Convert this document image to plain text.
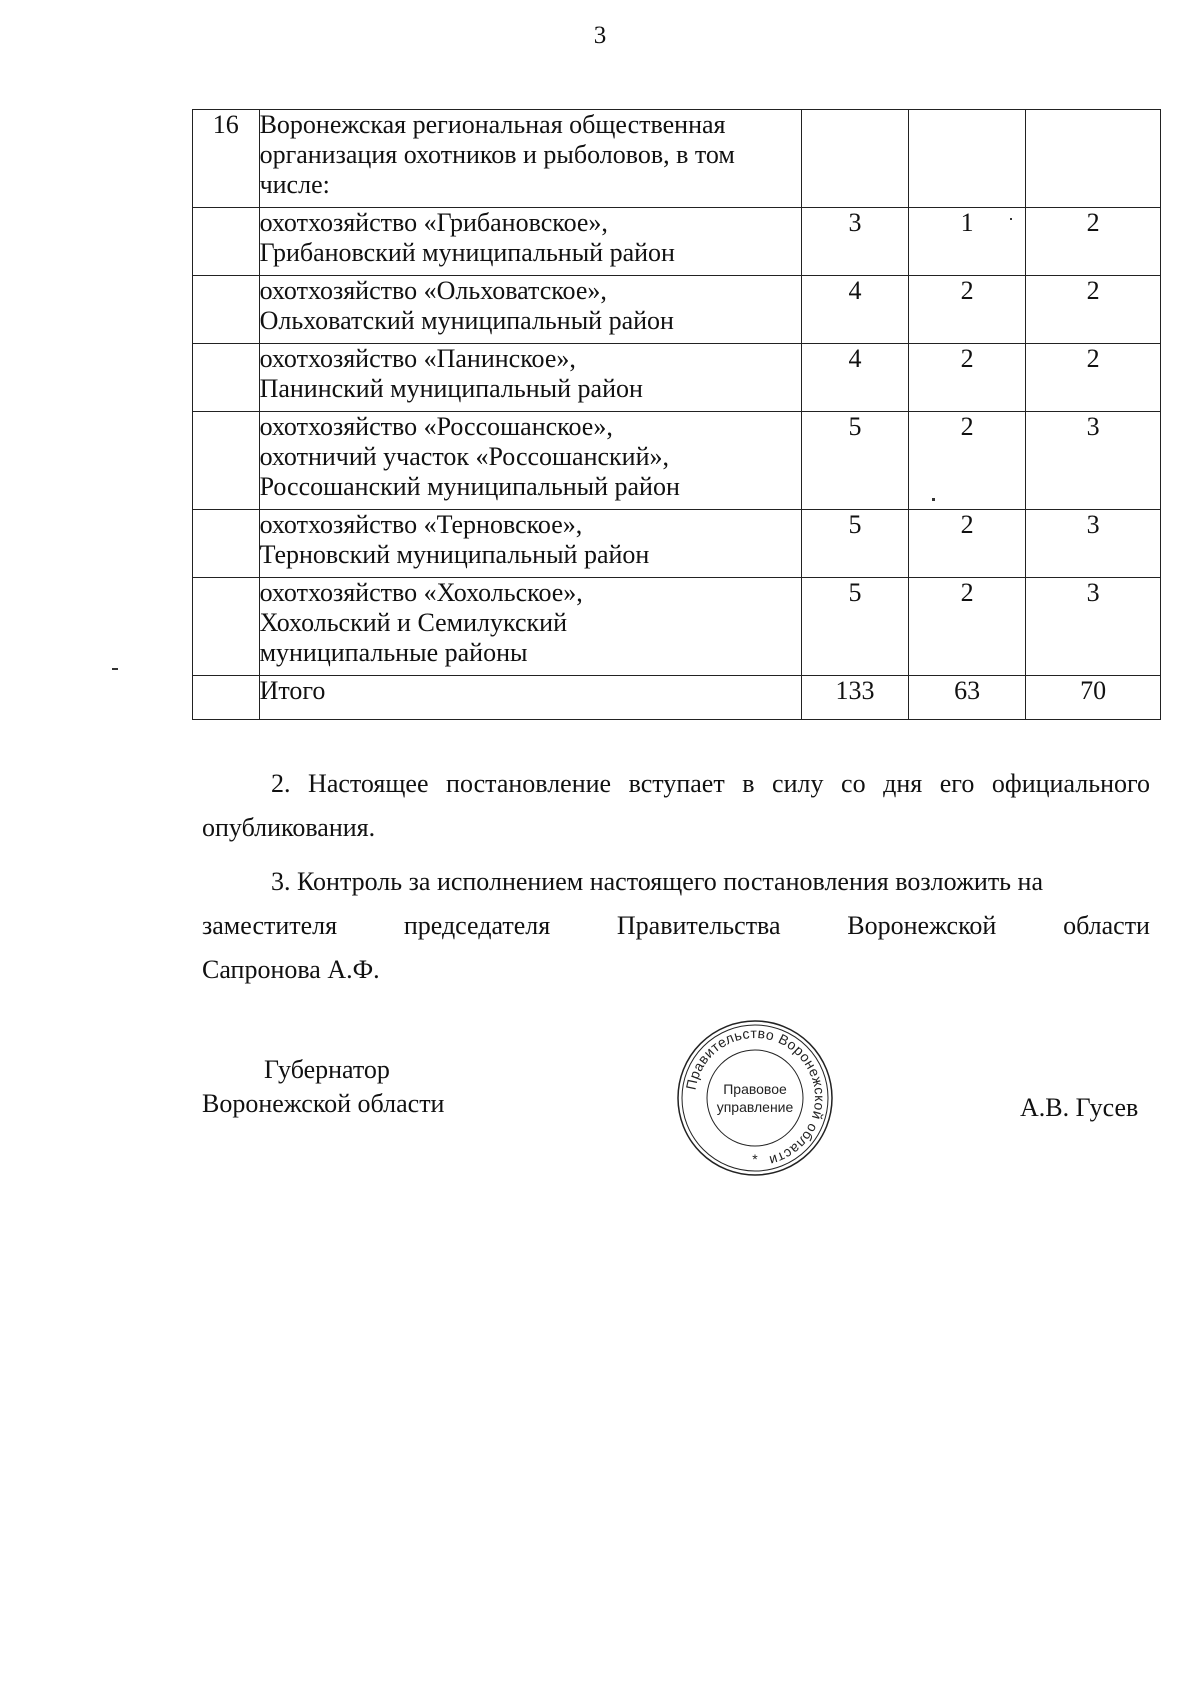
3
16	Воронежская региональная общественная
организация охотников и рыболовов, в том
числе:			

	охотхозяйство «Грибановское»,
Грибановский муниципальный район	3	1	2

	охотхозяйство «Ольховатское»,
Ольховатский муниципальный район	4	2	2

	охотхозяйство «Панинское»,
Панинский муниципальный район	4	2	2

	охотхозяйство «Россошанское»,
охотничий участок «Россошанский»,
Россошанский муниципальный район	5	2	3

	охотхозяйство «Терновское»,
Терновский муниципальный район	5	2	3

	охотхозяйство «Хохольское»,
Хохольский и Семилукский
муниципальные районы	5	2	3

	Итого	133	63	70
2. Настоящее постановление вступает в силу со дня его официального опубликования.
3. Контроль за исполнением настоящего постановления возложить на
заместителя	председателя	Правительства	Воронежской	области
Сапронова А.Ф.
Губернатор
Воронежской области	А.В. Гусев
Правительство Воронежской области
Правовое
управление
*
